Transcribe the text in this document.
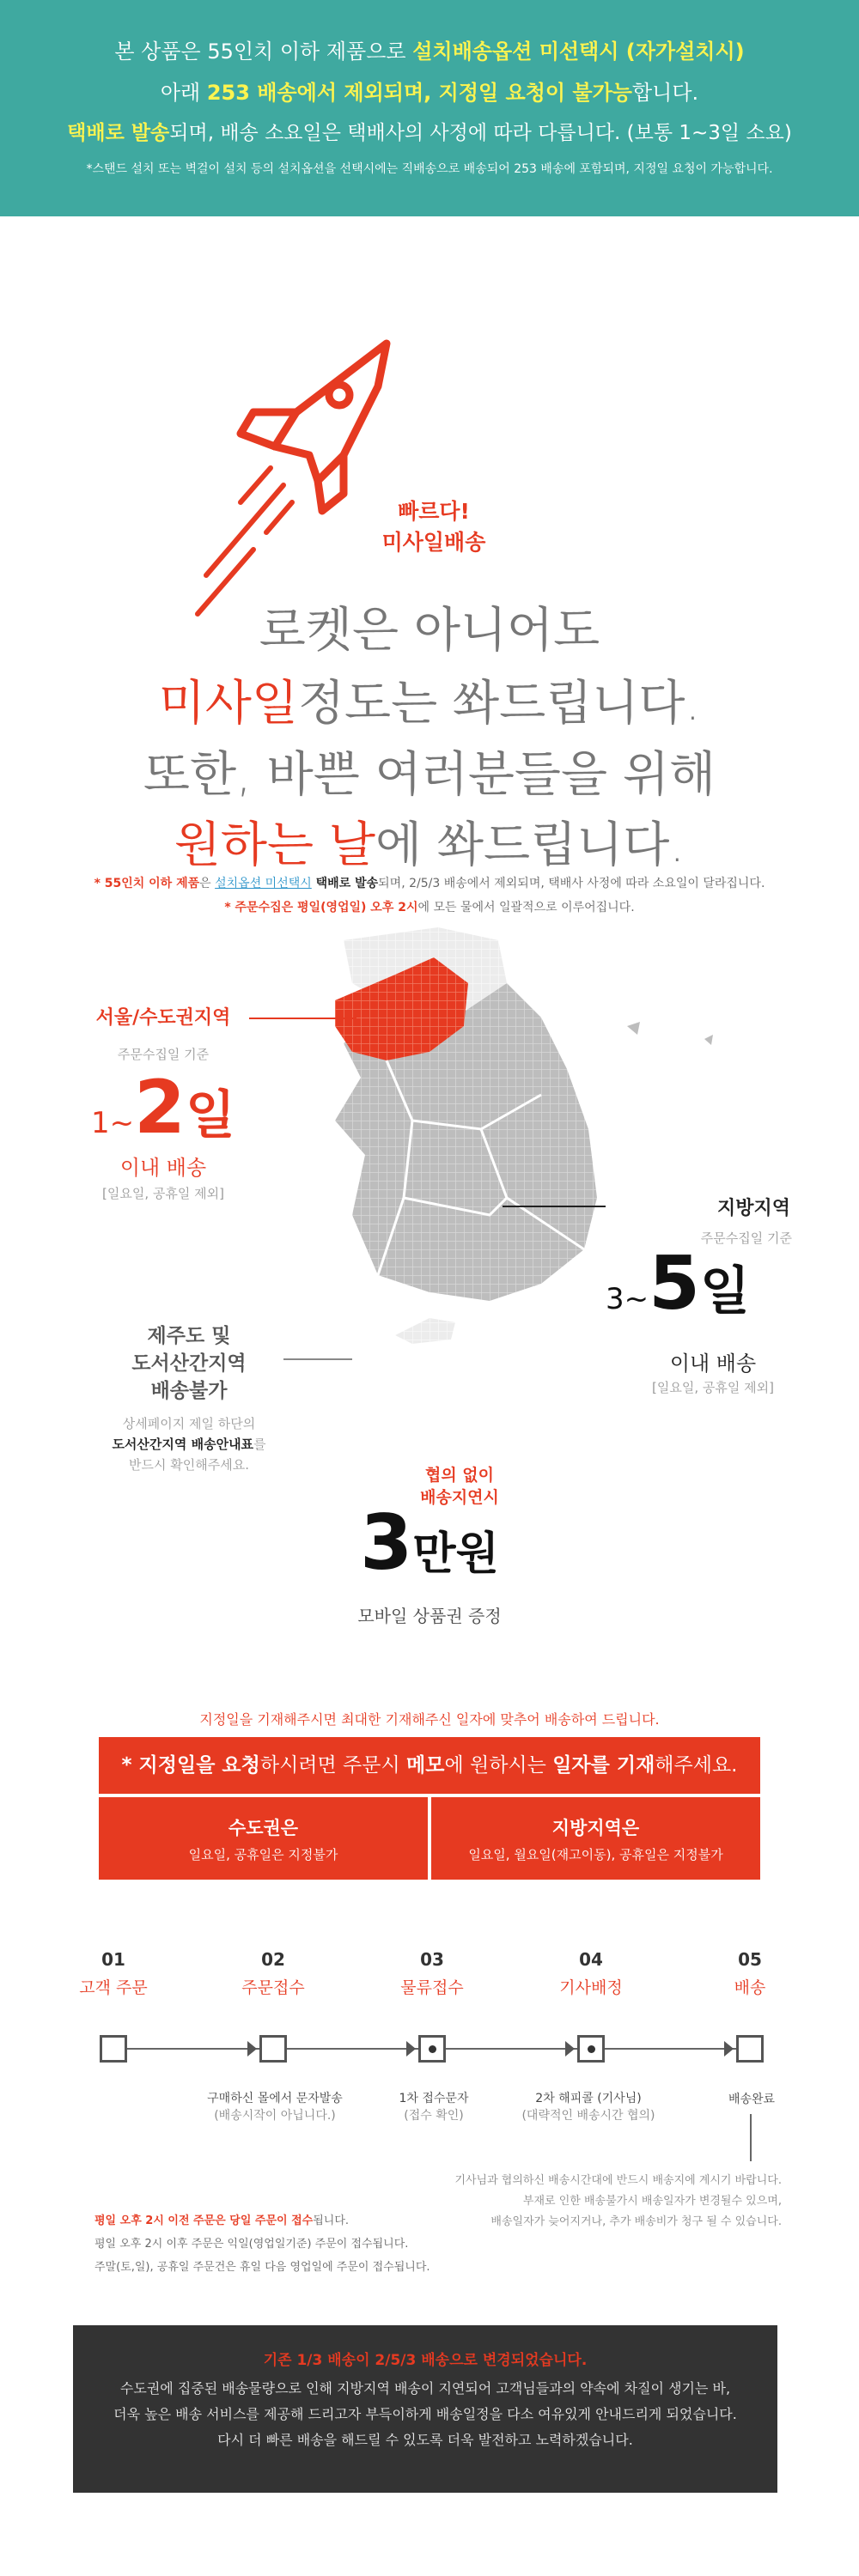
본 상품은 55인치 이하 제품으로 설치배송옵션 미선택시 (자가설치시)
아래 253 배송에서 제외되며, 지정일 요청이 불가능합니다.
택배로 발송되며, 배송 소요일은 택배사의 사정에 따라 다릅니다. (보통 1~3일 소요)
*스탠드 설치 또는 벽걸이 설치 등의 설치옵션을 선택시에는 직배송으로 배송되어 253 배송에 포함되며, 지정일 요청이 가능합니다.
빠르다!
미사일배송
로켓은 아니어도
미사일정도는 쏴드립니다.
또한, 바쁜 여러분들을 위해
원하는 날에 쏴드립니다.
* 55인치 이하 제품은 설치옵션 미선택시 택배로 발송되며, 2/5/3 배송에서 제외되며, 택배사 사정에 따라 소요일이 달라집니다.
* 주문수집은 평일(영업일) 오후 2시에 모든 물에서 일괄적으로 이루어집니다.
서울/수도권지역
주문수집일 기준
1~2일
이내 배송
[일요일, 공휴일 제외]
지방지역
주문수집일 기준
3~5일
이내 배송
[일요일, 공휴일 제외]
제주도 및
도서산간지역
배송불가
상세페이지 제일 하단의
도서산간지역 배송안내표를
반드시 확인해주세요.
협의 없이
배송지연시
3만원
모바일 상품권 증정
지정일을 기재해주시면 최대한 기재해주신 일자에 맞추어 배송하여 드립니다.
* 지정일을 요청하시려면 주문시 메모에 원하시는 일자를 기재해주세요.
수도권은
일요일, 공휴일은 지정불가
지방지역은
일요일, 월요일(재고이동), 공휴일은 지정불가
01
고객 주문
02
주문접수
03
물류접수
04
기사배정
05
배송
구매하신 몰에서 문자발송
(배송시작이 아닙니다.)
1차 접수문자
(접수 확인)
2차 해피콜 (기사님)
(대략적인 배송시간 협의)
배송완료
기사님과 협의하신 배송시간대에 반드시 배송지에 계시기 바랍니다.
부재로 인한 배송불가시 배송일자가 변경될수 있으며,
배송일자가 늦어지거나, 추가 배송비가 청구 될 수 있습니다.
평일 오후 2시 이전 주문은 당일 주문이 접수됩니다.
평일 오후 2시 이후 주문은 익일(영업일기준) 주문이 접수됩니다.
주말(토,일), 공휴일 주문건은 휴일 다음 영업일에 주문이 접수됩니다.
기존 1/3 배송이 2/5/3 배송으로 변경되었습니다.
수도권에 집중된 배송물량으로 인해 지방지역 배송이 지연되어 고객님들과의 약속에 차질이 생기는 바,
더욱 높은 배송 서비스를 제공해 드리고자 부득이하게 배송일정을 다소 여유있게 안내드리게 되었습니다.
다시 더 빠른 배송을 해드릴 수 있도록 더욱 발전하고 노력하겠습니다.
